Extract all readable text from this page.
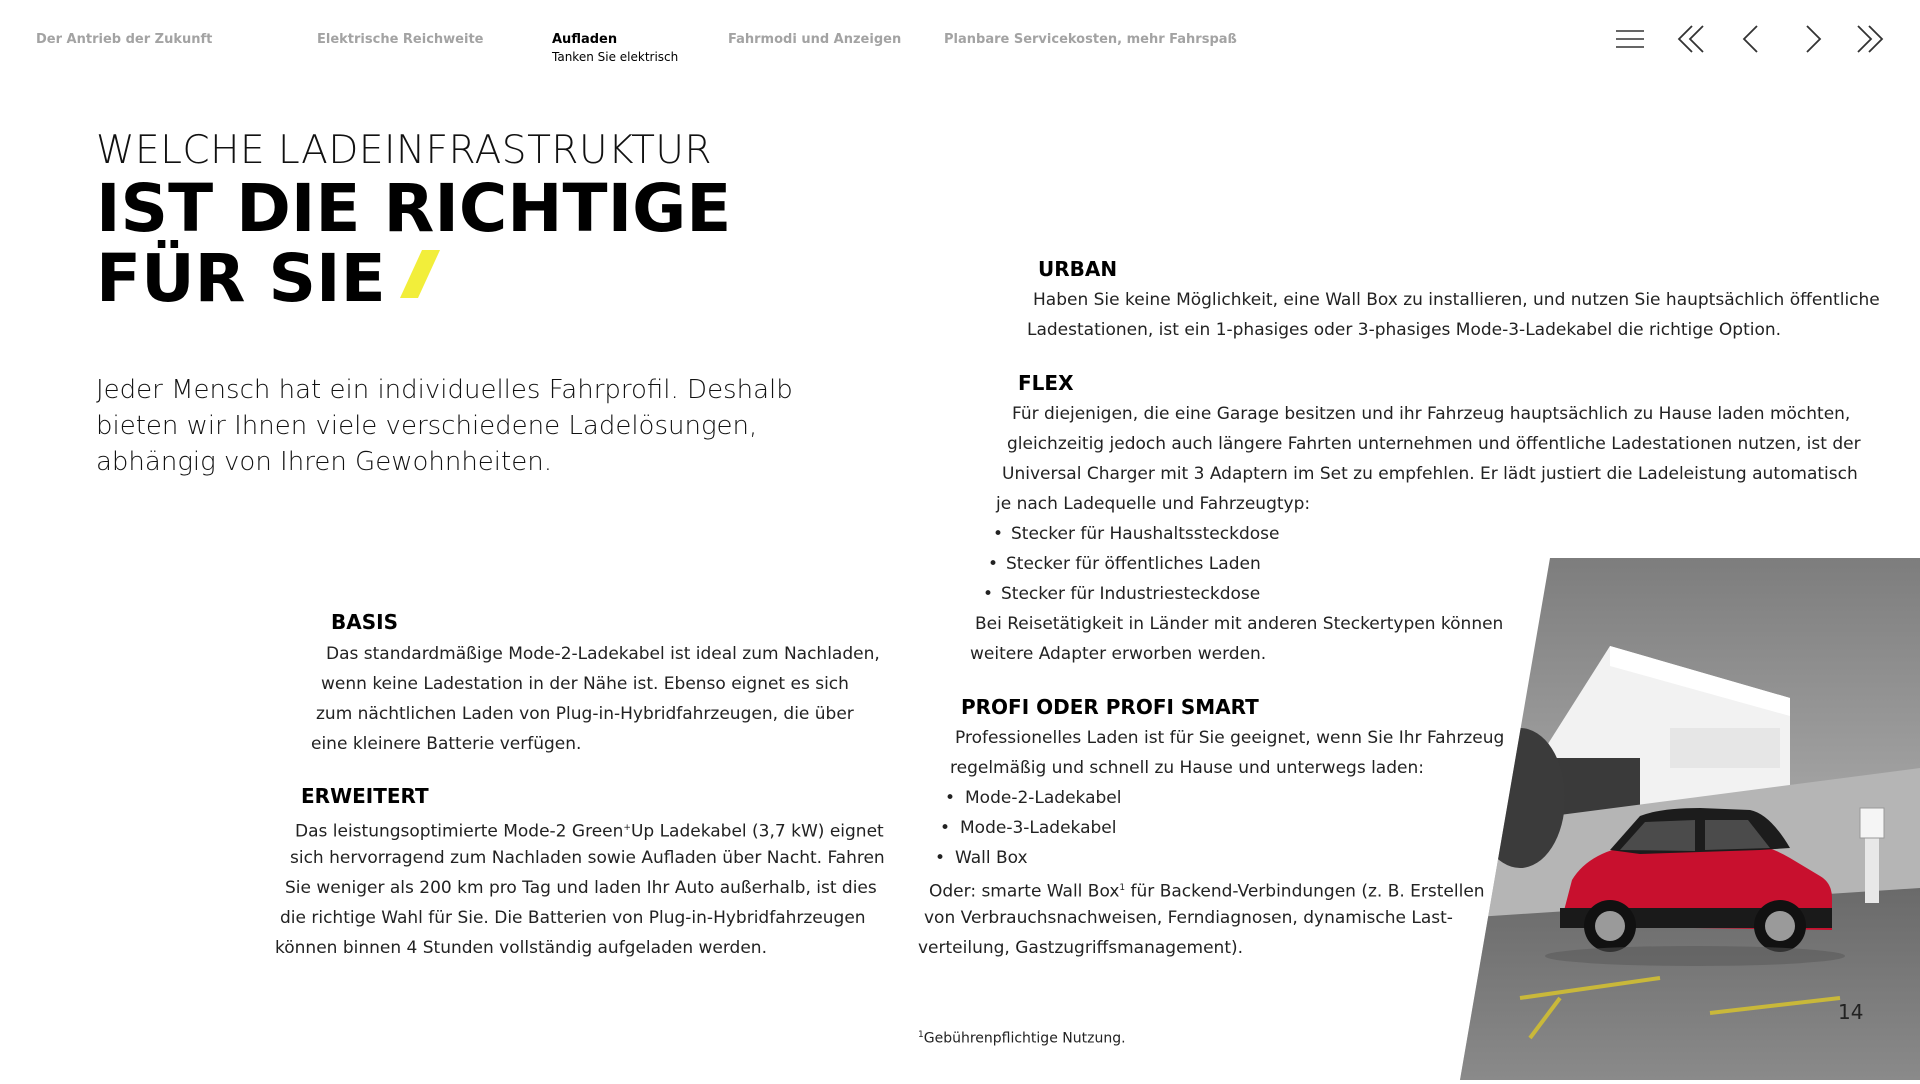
Der Antrieb der Zukunft	Elektrische Reichweite	Aufladen
Tanken Sie elektrisch
Fahrmodi und Anzeigen	Planbare Servicekosten, mehr Fahrspaß
WELCHE LADEINFRASTRUKTUR
IST DIE RICHTIGE
FÜR SIE
Jeder Mensch hat ein individuelles Fahrprofil. Deshalb bieten wir Ihnen viele verschiedene Ladelösungen, abhängig von Ihren Gewohnheiten.
BASIS
Das standardmäßige Mode-2-Ladekabel ist ideal zum Nachladen,
wenn keine Ladestation in der Nähe ist. Ebenso eignet es sich
zum nächtlichen Laden von Plug-in-Hybridfahrzeugen, die über
eine kleinere Batterie verfügen.
ERWEITERT
Das leistungsoptimierte Mode-2 Green+Up Ladekabel (3,7 kW) eignet
sich hervorragend zum Nachladen sowie Aufladen über Nacht. Fahren
Sie weniger als 200 km pro Tag und laden Ihr Auto außerhalb, ist dies
die richtige Wahl für Sie. Die Batterien von Plug-in-Hybridfahrzeugen
können binnen 4 Stunden vollständig aufgeladen werden.
URBAN
Haben Sie keine Möglichkeit, eine Wall Box zu installieren, und nutzen Sie hauptsächlich öffentliche
Ladestationen, ist ein 1-phasiges oder 3-phasiges Mode-3-Ladekabel die richtige Option.
FLEX
Für diejenigen, die eine Garage besitzen und ihr Fahrzeug hauptsächlich zu Hause laden möchten,
gleichzeitig jedoch auch längere Fahrten unternehmen und öffentliche Ladestationen nutzen, ist der
Universal Charger mit 3 Adaptern im Set zu empfehlen. Er lädt justiert die Ladeleistung automatisch
je nach Ladequelle und Fahrzeugtyp:
• Stecker für Haushaltssteckdose
• Stecker für öffentliches Laden
• Stecker für Industriesteckdose
Bei Reisetätigkeit in Länder mit anderen Steckertypen können
weitere Adapter erworben werden.
PROFI ODER PROFI SMART
Professionelles Laden ist für Sie geeignet, wenn Sie Ihr Fahrzeug
regelmäßig und schnell zu Hause und unterwegs laden:
• Mode-2-Ladekabel
• Mode-3-Ladekabel
• Wall Box
Oder: smarte Wall Box$^1$ für Backend-Verbindungen (z. B. Erstellen
von Verbrauchsnachweisen, Ferndiagnosen, dynamische Last-
verteilung, Gastzugriffsmanagement).
14
$^1$Gebührenpflichtige Nutzung.
